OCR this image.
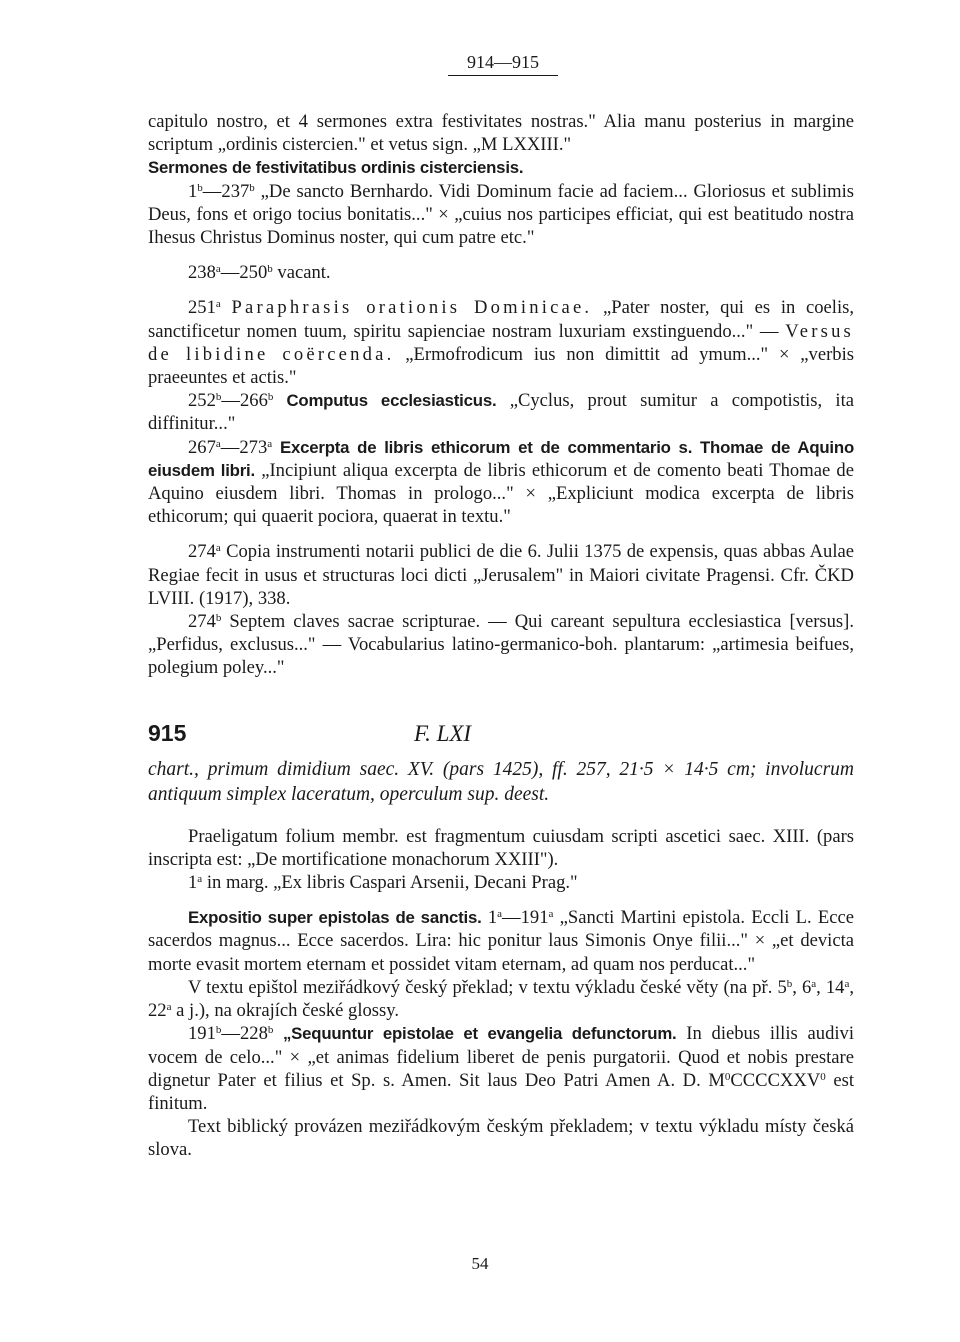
914—915

capitulo nostro, et 4 sermones extra festivitates nostras." Alia manu posterius in margine scriptum „ordinis cistercien." et vetus sign. „M LXXIII."

Sermones de festivitatibus ordinis cisterciensis.

1$^b$—237$^b$ „De sancto Bernhardo. Vidi Dominum facie ad faciem... Gloriosus et sublimis Deus, fons et origo tocius bonitatis..." × „cuius nos participes efficiat, qui est beatitudo nostra Ihesus Christus Dominus noster, qui cum patre etc."

238$^a$—250$^b$ vacant.

251$^a$ Paraphrasis orationis Dominicae. „Pater noster, qui es in coelis, sanctificetur nomen tuum, spiritu sapienciae nostram luxuriam exstinguendo..." — Versus de libidine coërcenda. „Ermofrodicum ius non dimittit ad ymum..." × „verbis praeeuntes et actis."

252$^b$—266$^b$ Computus ecclesiasticus. „Cyclus, prout sumitur a compotistis, ita diffinitur..."

267$^a$—273$^a$ Excerpta de libris ethicorum et de commentario s. Thomae de Aquino eiusdem libri. „Incipiunt aliqua excerpta de libris ethicorum et de comento beati Thomae de Aquino eiusdem libri. Thomas in prologo..." × „Expliciunt modica excerpta de libris ethicorum; qui quaerit pociora, quaerat in textu."

274$^a$ Copia instrumenti notarii publici de die 6. Julii 1375 de expensis, quas abbas Aulae Regiae fecit in usus et structuras loci dicti „Jerusalem" in Maiori civitate Pragensi. Cfr. ČKD LVIII. (1917), 338.

274$^b$ Septem claves sacrae scripturae. — Qui careant sepultura ecclesiastica [versus]. „Perfidus, exclusus..." — Vocabularius latino-germanico-boh. plantarum: „artimesia beifues, polegium poley..."

915	F. LXI

chart., primum dimidium saec. XV. (pars 1425), ff. 257, 21·5 × 14·5 cm; involucrum antiquum simplex laceratum, operculum sup. deest.

Praeligatum folium membr. est fragmentum cuiusdam scripti ascetici saec. XIII. (pars inscripta est: „De mortificatione monachorum XXIII").

1$^a$ in marg. „Ex libris Caspari Arsenii, Decani Prag."

Expositio super epistolas de sanctis. 1$^a$—191$^a$ „Sancti Martini epistola. Eccli L. Ecce sacerdos magnus... Ecce sacerdos. Lira: hic ponitur laus Simonis Onye filii..." × „et devicta morte evasit mortem eternam et possidet vitam eternam, ad quam nos perducat..."

V textu epištol meziřádkový český překlad; v textu výkladu české věty (na př. 5$^b$, 6$^a$, 14$^a$, 22$^a$ a j.), na okrajích české glossy.

191$^b$—228$^b$ „Sequuntur epistolae et evangelia defunctorum. In diebus illis audivi vocem de celo..." × „et animas fidelium liberet de penis purgatorii. Quod et nobis prestare dignetur Pater et filius et Sp. s. Amen. Sit laus Deo Patri Amen A. D. $M^0CCCCXXV^0$ est finitum.

Text biblický provázen meziřádkovým českým překladem; v textu výkladu místy česká slova.

54
